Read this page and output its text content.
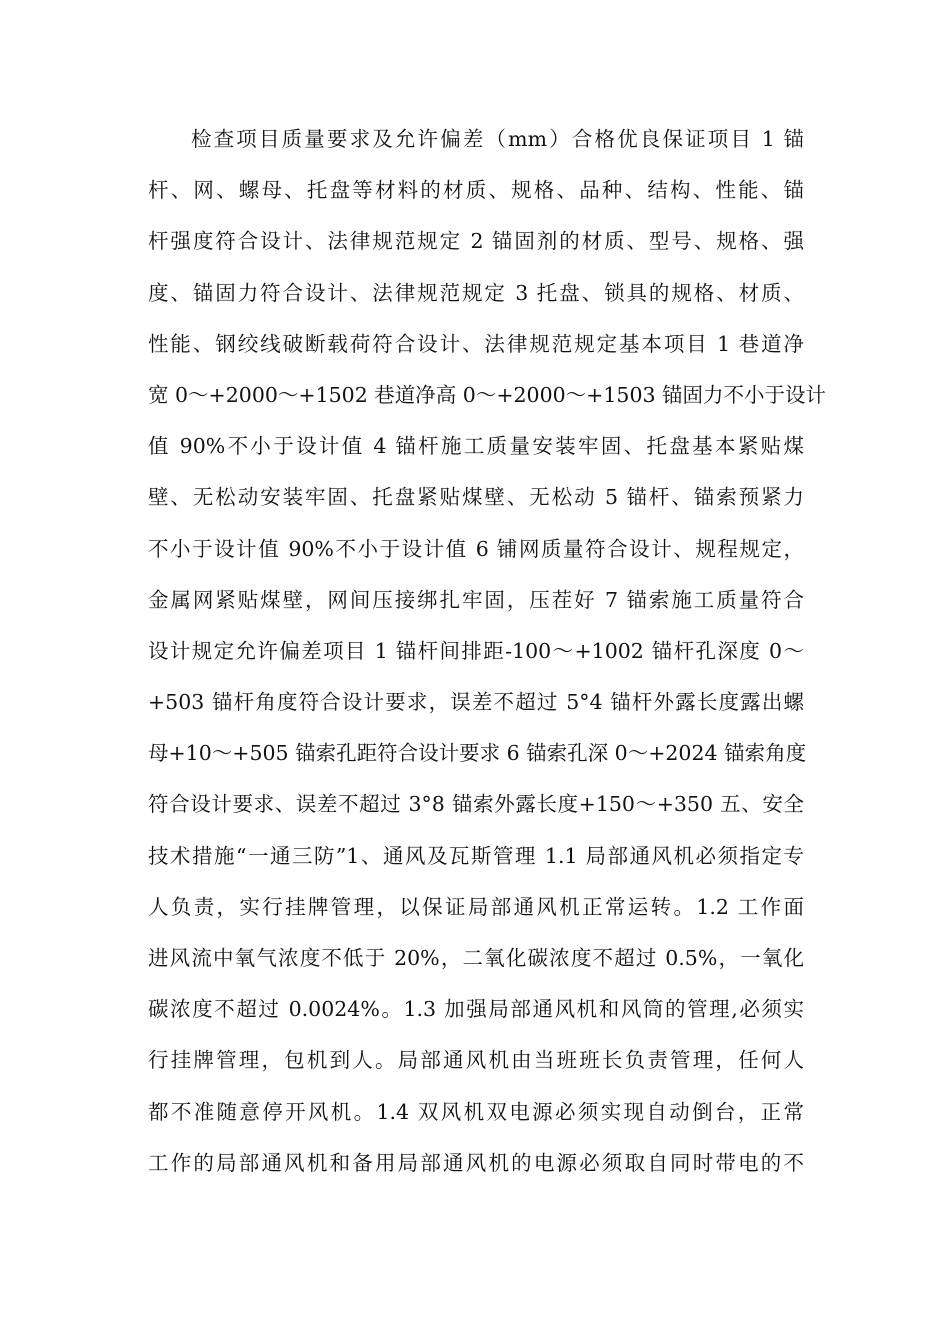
检查项目质量要求及允许偏差（mm）合格优良保证项目 1 锚
杆、网、螺母、托盘等材料的材质、规格、品种、结构、性能、锚
杆强度符合设计、法律规范规定 2 锚固剂的材质、型号、规格、强
度、锚固力符合设计、法律规范规定 3 托盘、锁具的规格、材质、
性能、钢绞线破断载荷符合设计、法律规范规定基本项目 1 巷道净
宽 0～+2000～+1502 巷道净高 0～+2000～+1503 锚固力不小于设计
值 90%不小于设计值 4 锚杆施工质量安装牢固、托盘基本紧贴煤
壁、无松动安装牢固、托盘紧贴煤壁、无松动 5 锚杆、锚索预紧力
不小于设计值 90%不小于设计值 6 铺网质量符合设计、规程规定，
金属网紧贴煤壁，网间压接绑扎牢固，压茬好 7 锚索施工质量符合
设计规定允许偏差项目 1 锚杆间排距-100～+1002 锚杆孔深度 0～
+503 锚杆角度符合设计要求，误差不超过 5°4 锚杆外露长度露出螺
母+10～+505 锚索孔距符合设计要求 6 锚索孔深 0～+2024 锚索角度
符合设计要求、误差不超过 3°8 锚索外露长度+150～+350 五、安全
技术措施“一通三防”1、通风及瓦斯管理 1.1 局部通风机必须指定专
人负责，实行挂牌管理，以保证局部通风机正常运转。1.2 工作面
进风流中氧气浓度不低于 20%，二氧化碳浓度不超过 0.5%，一氧化
碳浓度不超过 0.0024%。1.3 加强局部通风机和风筒的管理,必须实
行挂牌管理，包机到人。局部通风机由当班班长负责管理，任何人
都不准随意停开风机。1.4 双风机双电源必须实现自动倒台，正常
工作的局部通风机和备用局部通风机的电源必须取自同时带电的不
